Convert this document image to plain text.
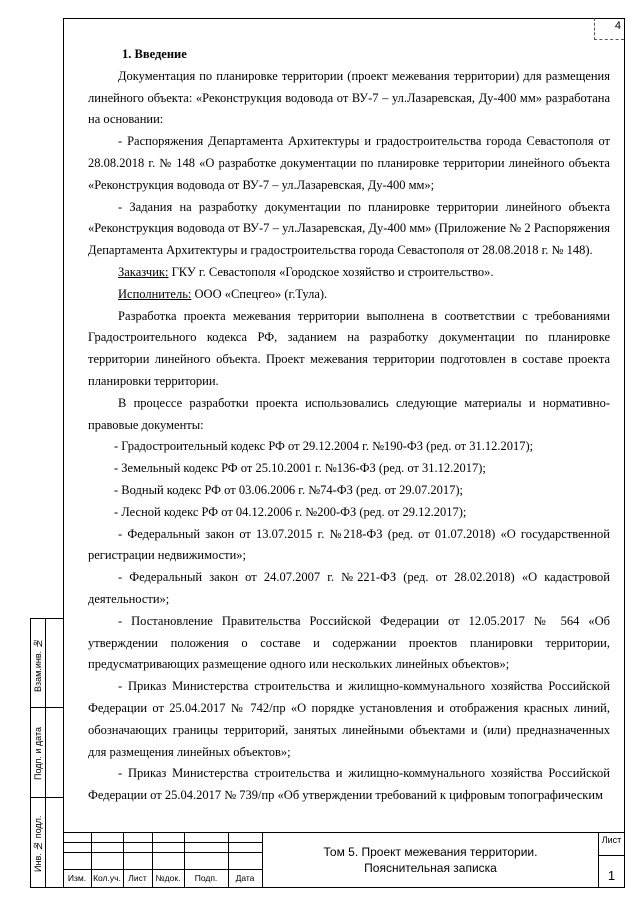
4

1. Введение

Документация по планировке территории (проект межевания территории) для размещения линейного объекта: «Реконструкция водовода от ВУ-7 – ул.Лазаревская, Ду-400 мм» разработана на основании:

- Распоряжения Департамента Архитектуры и градостроительства города Севастополя от 28.08.2018 г. № 148 «О разработке документации по планировке территории линейного объекта «Реконструкция водовода от ВУ-7 – ул.Лазаревская, Ду-400 мм»;

- Задания на разработку документации по планировке территории линейного объекта «Реконструкция водовода от ВУ-7 – ул.Лазаревская, Ду-400 мм» (Приложение № 2 Распоряжения Департамента Архитектуры и градостроительства города Севастополя от 28.08.2018 г. № 148).

Заказчик: ГКУ г. Севастополя «Городское хозяйство и строительство».

Исполнитель: ООО «Спецгео» (г.Тула).

Разработка проекта межевания территории выполнена в соответствии с требованиями Градостроительного кодекса РФ, заданием на разработку документации по планировке территории линейного объекта. Проект межевания территории подготовлен в составе проекта планировки территории.

В процессе разработки проекта использовались следующие материалы и нормативно-правовые документы:

- Градостроительный кодекс РФ от 29.12.2004 г. №190-ФЗ (ред. от 31.12.2017);

- Земельный кодекс РФ от 25.10.2001 г. №136-ФЗ (ред. от 31.12.2017);

- Водный кодекс РФ от 03.06.2006 г. №74-ФЗ (ред. от 29.07.2017);

- Лесной кодекс РФ от 04.12.2006 г. №200-ФЗ (ред. от 29.12.2017);

- Федеральный закон от 13.07.2015 г. №218-ФЗ (ред. от 01.07.2018) «О государственной регистрации недвижимости»;

- Федеральный закон от 24.07.2007 г. №221-ФЗ (ред. от 28.02.2018) «О кадастровой деятельности»;

- Постановление Правительства Российской Федерации от 12.05.2017 № 564 «Об утверждении положения о составе и содержании проектов планировки территории, предусматривающих размещение одного или нескольких линейных объектов»;

- Приказ Министерства строительства и жилищно-коммунального хозяйства Российской Федерации от 25.04.2017 № 742/пр «О порядке установления и отображения красных линий, обозначающих границы территорий, занятых линейными объектами и (или) предназначенных для размещения линейных объектов»;

- Приказ Министерства строительства и жилищно-коммунального хозяйства Российской Федерации от 25.04.2017 № 739/пр «Об утверждении требований к цифровым топографическим

Взам.инв. №
Подп. и дата
Инв. № подл.
Изм. Кол.уч. Лист	№док.	Подп.	Дата
Том 5. Проект межевания территории.
Пояснительная записка
Лист
1
